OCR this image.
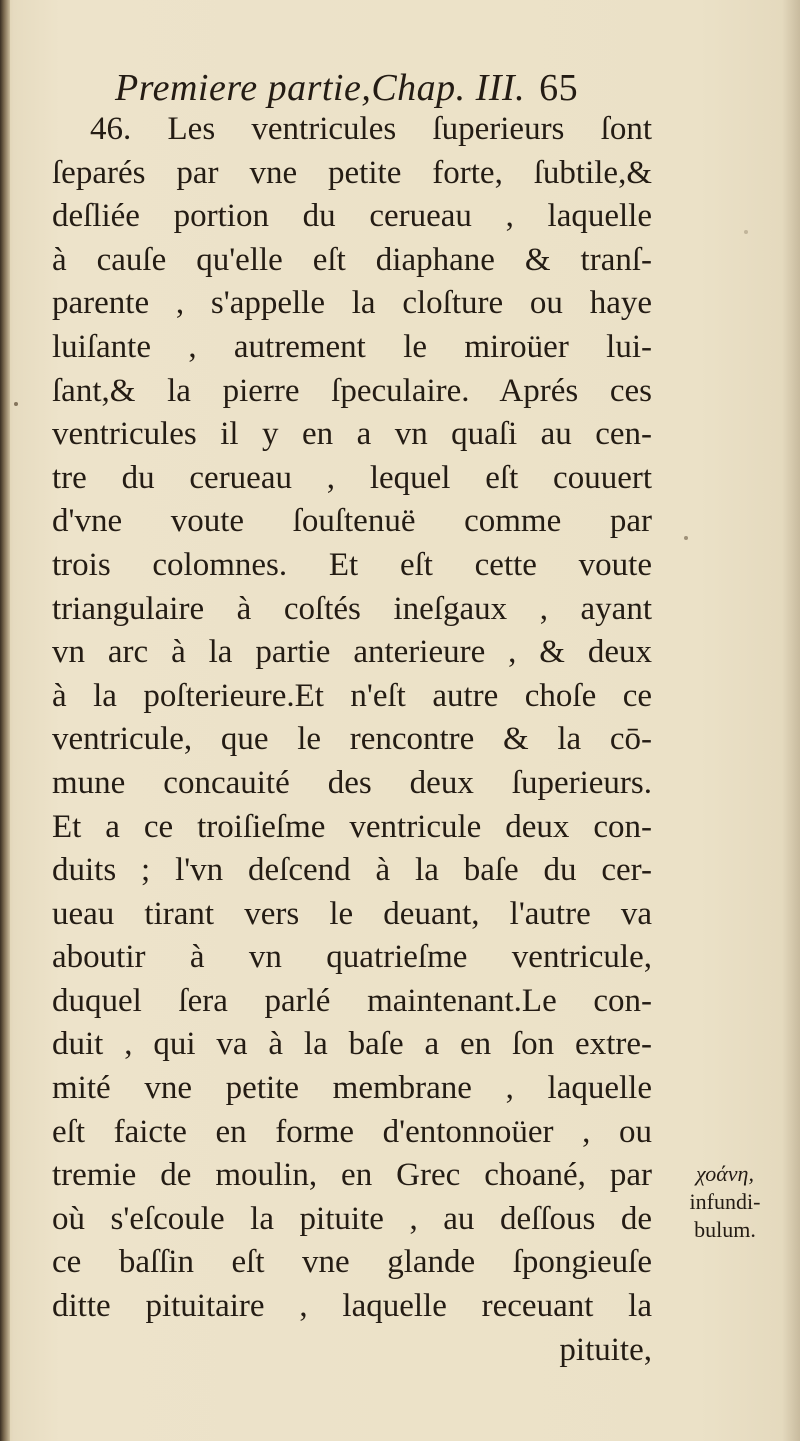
Premiere partie,Chap. III. 65
46. Les ventricules ſuperieurs ſont
ſeparés par vne petite forte, ſubtile,&
deſliée portion du cerueau , laquelle
à cauſe qu'elle eſt diaphane & tranſ-
parente , s'appelle la cloſture ou haye
luiſante , autrement le miroüer lui-
ſant,& la pierre ſpeculaire. Aprés ces
ventricules il y en a vn quaſi au cen-
tre du cerueau , lequel eſt couuert
d'vne voute ſouſtenuë comme par
trois colomnes. Et eſt cette voute
triangulaire à coſtés ineſgaux , ayant
vn arc à la partie anterieure , & deux
à la poſterieure.Et n'eſt autre choſe ce
ventricule, que le rencontre & la cō-
mune concauité des deux ſuperieurs.
Et a ce troiſieſme ventricule deux con-
duits ; l'vn deſcend à la baſe du cer-
ueau tirant vers le deuant, l'autre va
aboutir à vn quatrieſme ventricule,
duquel ſera parlé maintenant.Le con-
duit , qui va à la baſe a en ſon extre-
mité vne petite membrane , laquelle
eſt faicte en forme d'entonnoüer , ou
tremie de moulin, en Grec choané, par
où s'eſcoule la pituite , au deſſous de
ce baſſin eſt vne glande ſpongieuſe
ditte pituitaire , laquelle receuant la
pituite,
χοάνη,
infundi-
bulum.
